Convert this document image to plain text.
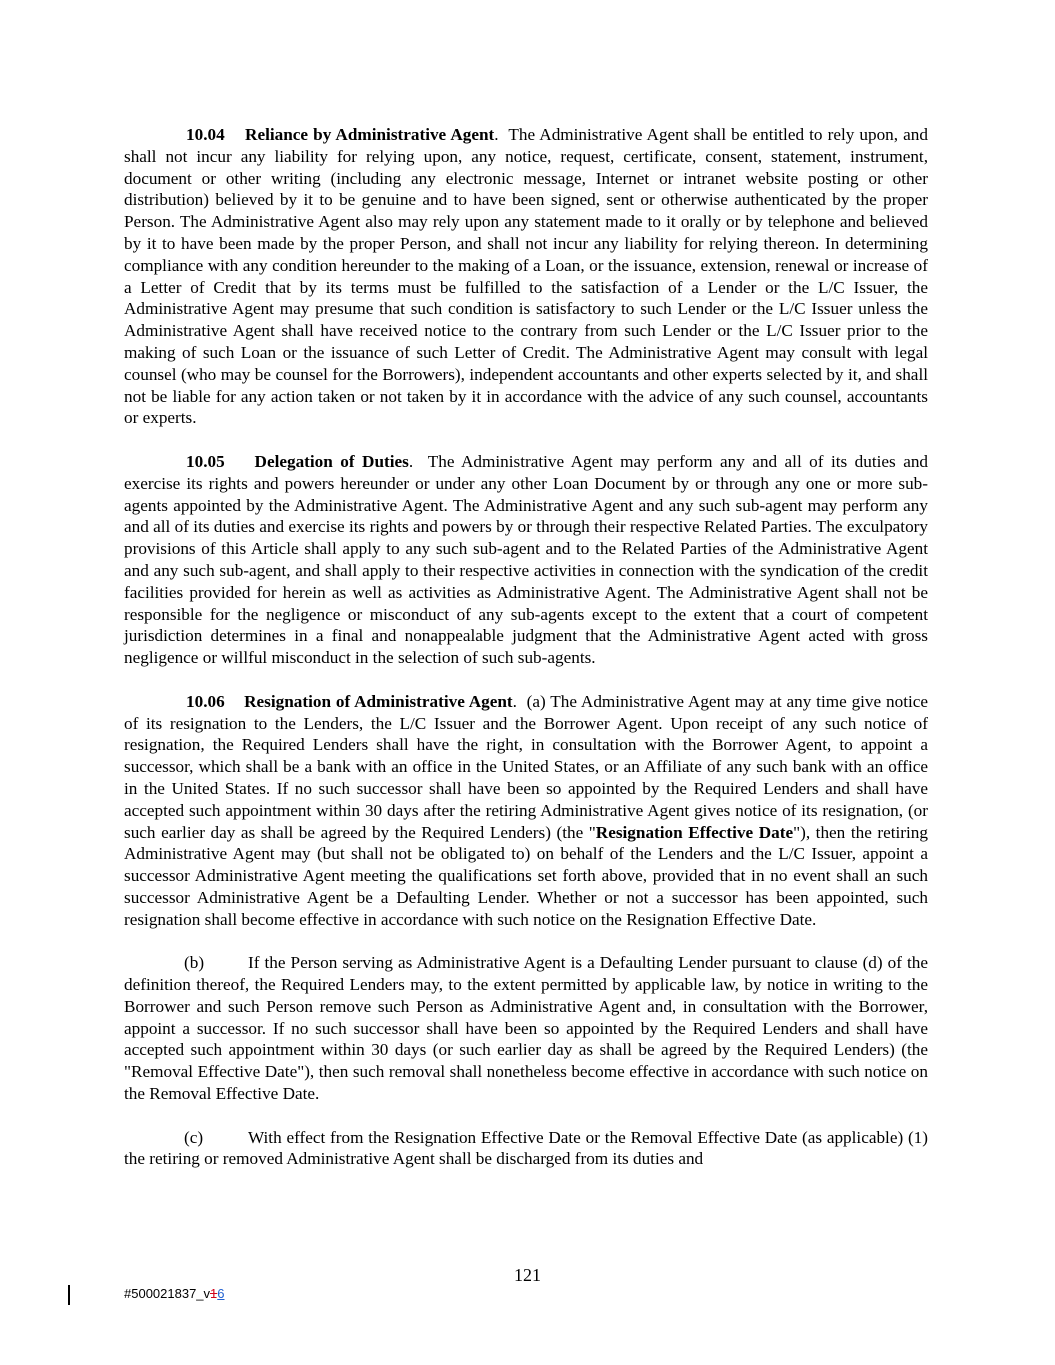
10.04 Reliance by Administrative Agent.  The Administrative Agent shall be entitled to rely upon, and shall not incur any liability for relying upon, any notice, request, certificate, consent, statement, instrument, document or other writing (including any electronic message, Internet or intranet website posting or other distribution) believed by it to be genuine and to have been signed, sent or otherwise authenticated by the proper Person. The Administrative Agent also may rely upon any statement made to it orally or by telephone and believed by it to have been made by the proper Person, and shall not incur any liability for relying thereon. In determining compliance with any condition hereunder to the making of a Loan, or the issuance, extension, renewal or increase of a Letter of Credit that by its terms must be fulfilled to the satisfaction of a Lender or the L/C Issuer, the Administrative Agent may presume that such condition is satisfactory to such Lender or the L/C Issuer unless the Administrative Agent shall have received notice to the contrary from such Lender or the L/C Issuer prior to the making of such Loan or the issuance of such Letter of Credit. The Administrative Agent may consult with legal counsel (who may be counsel for the Borrowers), independent accountants and other experts selected by it, and shall not be liable for any action taken or not taken by it in accordance with the advice of any such counsel, accountants or experts.

10.05 Delegation of Duties.  The Administrative Agent may perform any and all of its duties and exercise its rights and powers hereunder or under any other Loan Document by or through any one or more sub-agents appointed by the Administrative Agent. The Administrative Agent and any such sub-agent may perform any and all of its duties and exercise its rights and powers by or through their respective Related Parties. The exculpatory provisions of this Article shall apply to any such sub-agent and to the Related Parties of the Administrative Agent and any such sub-agent, and shall apply to their respective activities in connection with the syndication of the credit facilities provided for herein as well as activities as Administrative Agent. The Administrative Agent shall not be responsible for the negligence or misconduct of any sub-agents except to the extent that a court of competent jurisdiction determines in a final and nonappealable judgment that the Administrative Agent acted with gross negligence or willful misconduct in the selection of such sub-agents.

10.06 Resignation of Administrative Agent.  (a) The Administrative Agent may at any time give notice of its resignation to the Lenders, the L/C Issuer and the Borrower Agent. Upon receipt of any such notice of resignation, the Required Lenders shall have the right, in consultation with the Borrower Agent, to appoint a successor, which shall be a bank with an office in the United States, or an Affiliate of any such bank with an office in the United States. If no such successor shall have been so appointed by the Required Lenders and shall have accepted such appointment within 30 days after the retiring Administrative Agent gives notice of its resignation, (or such earlier day as shall be agreed by the Required Lenders) (the "Resignation Effective Date"), then the retiring Administrative Agent may (but shall not be obligated to) on behalf of the Lenders and the L/C Issuer, appoint a successor Administrative Agent meeting the qualifications set forth above, provided that in no event shall an such successor Administrative Agent be a Defaulting Lender. Whether or not a successor has been appointed, such resignation shall become effective in accordance with such notice on the Resignation Effective Date.

(b)	If the Person serving as Administrative Agent is a Defaulting Lender pursuant to clause (d) of the definition thereof, the Required Lenders may, to the extent permitted by applicable law, by notice in writing to the Borrower and such Person remove such Person as Administrative Agent and, in consultation with the Borrower, appoint a successor. If no such successor shall have been so appointed by the Required Lenders and shall have accepted such appointment within 30 days (or such earlier day as shall be agreed by the Required Lenders) (the "Removal Effective Date"), then such removal shall nonetheless become effective in accordance with such notice on the Removal Effective Date.

(c)	With effect from the Resignation Effective Date or the Removal Effective Date (as applicable) (1) the retiring or removed Administrative Agent shall be discharged from its duties and

121
#500021837_v16
